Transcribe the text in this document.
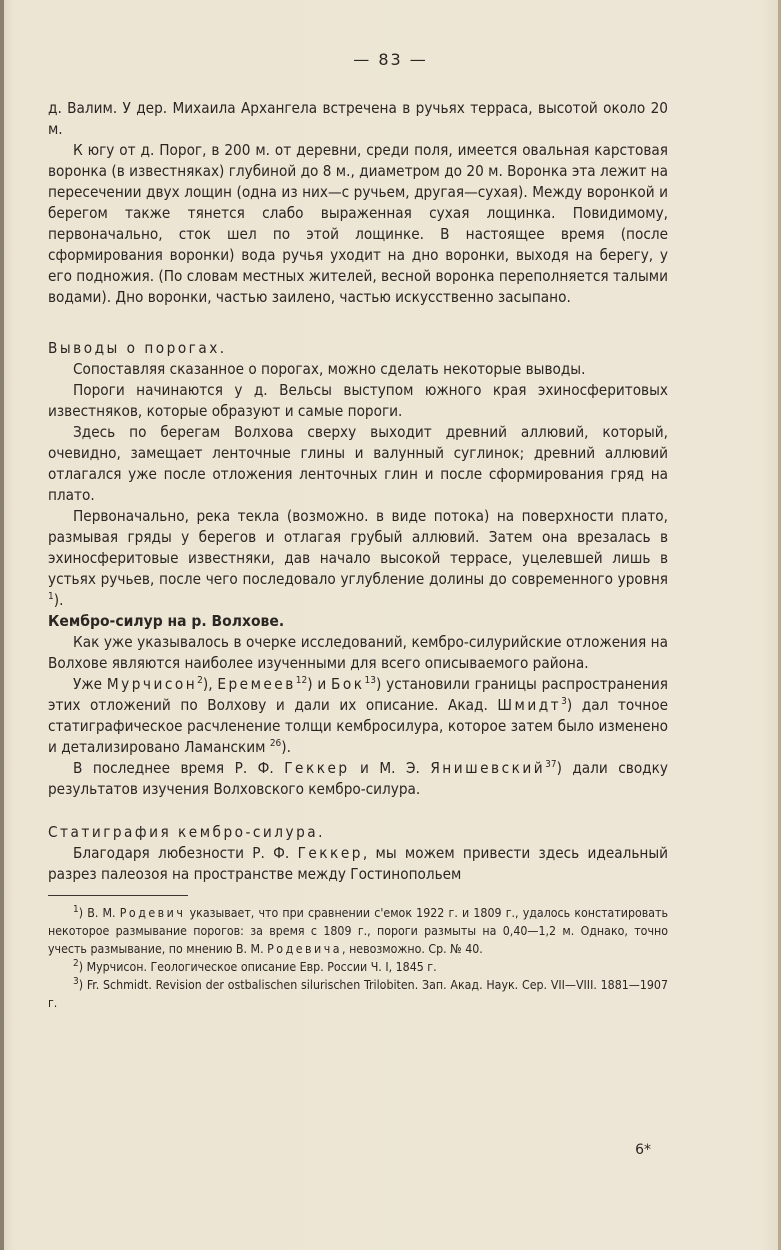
— 83 —

д. Валим. У дер. Михаила Архангела встречена в ручьях терраса, высотой около 20 м.

К югу от д. Порог, в 200 м. от деревни, среди поля, имеется овальная карстовая воронка (в известняках) глубиной до 8 м., диаметром до 20 м. Воронка эта лежит на пересечении двух лощин (одна из них—с ручьем, другая—сухая). Между воронкой и берегом также тянется слабо выраженная сухая лощинка. Повидимому, первоначально, сток шел по этой лощинке. В настоящее время (после сформирования воронки) вода ручья уходит на дно воронки, выходя на берегу, у его подножия. (По словам местных жителей, весной воронка переполняется талыми водами). Дно воронки, частью заилено, частью искусственно засыпано.

Выводы о порогах.

Сопоставляя сказанное о порогах, можно сделать некоторые выводы.

Пороги начинаются у д. Вельсы выступом южного края эхиносферитовых известняков, которые образуют и самые пороги.

Здесь по берегам Волхова сверху выходит древний аллювий, который, очевидно, замещает ленточные глины и валунный суглинок; древний аллювий отлагался уже после отложения ленточных глин и после сформирования гряд на плато.

Первоначально, река текла (возможно. в виде потока) на поверхности плато, размывая гряды у берегов и отлагая грубый аллювий. Затем она врезалась в эхиносферитовые известняки, дав начало высокой террасе, уцелевшей лишь в устьях ручьев, после чего последовало углубление долины до современного уровня $^1$).

Кембро-силур на р. Волхове.

Как уже указывалось в очерке исследований, кембро-силурийские отложения на Волхове являются наиболее изученными для всего описываемого района.

Уже Мурчисон$^2$), Еремеев$^{12}$) и Бок$^{13}$) установили границы распространения этих отложений по Волхову и дали их описание. Акад. Шмидт$^3$) дал точное статиграфическое расчленение толщи кембросилура, которое затем было изменено и детализировано Ламанским $^{26}$).

В последнее время Р. Ф. Геккер и М. Э. Янишевский$^{37}$) дали сводку результатов изучения Волховского кембро-силура.

Статиграфия кембро-силура.

Благодаря любезности Р. Ф. Геккер, мы можем привести здесь идеальный разрез палеозоя на пространстве между Гостинопольем

$^1$) В. М. Родевич указывает, что при сравнении с'емок 1922 г. и 1809 г., удалось констатировать некоторое размывание порогов: за время с 1809 г., пороги размыты на 0,40—1,2 м. Однако, точно учесть размывание, по мнению В. М. Родевича, невозможно. Ср. № 40.

$^2$) Мурчисон. Геологическое описание Евр. России Ч. I, 1845 г.

$^3$) Fr. Schmidt. Revision der ostbalischen silurischen Trilobiten. Зап. Акад. Наук. Сер. VII—VIII. 1881—1907 г.

6*
